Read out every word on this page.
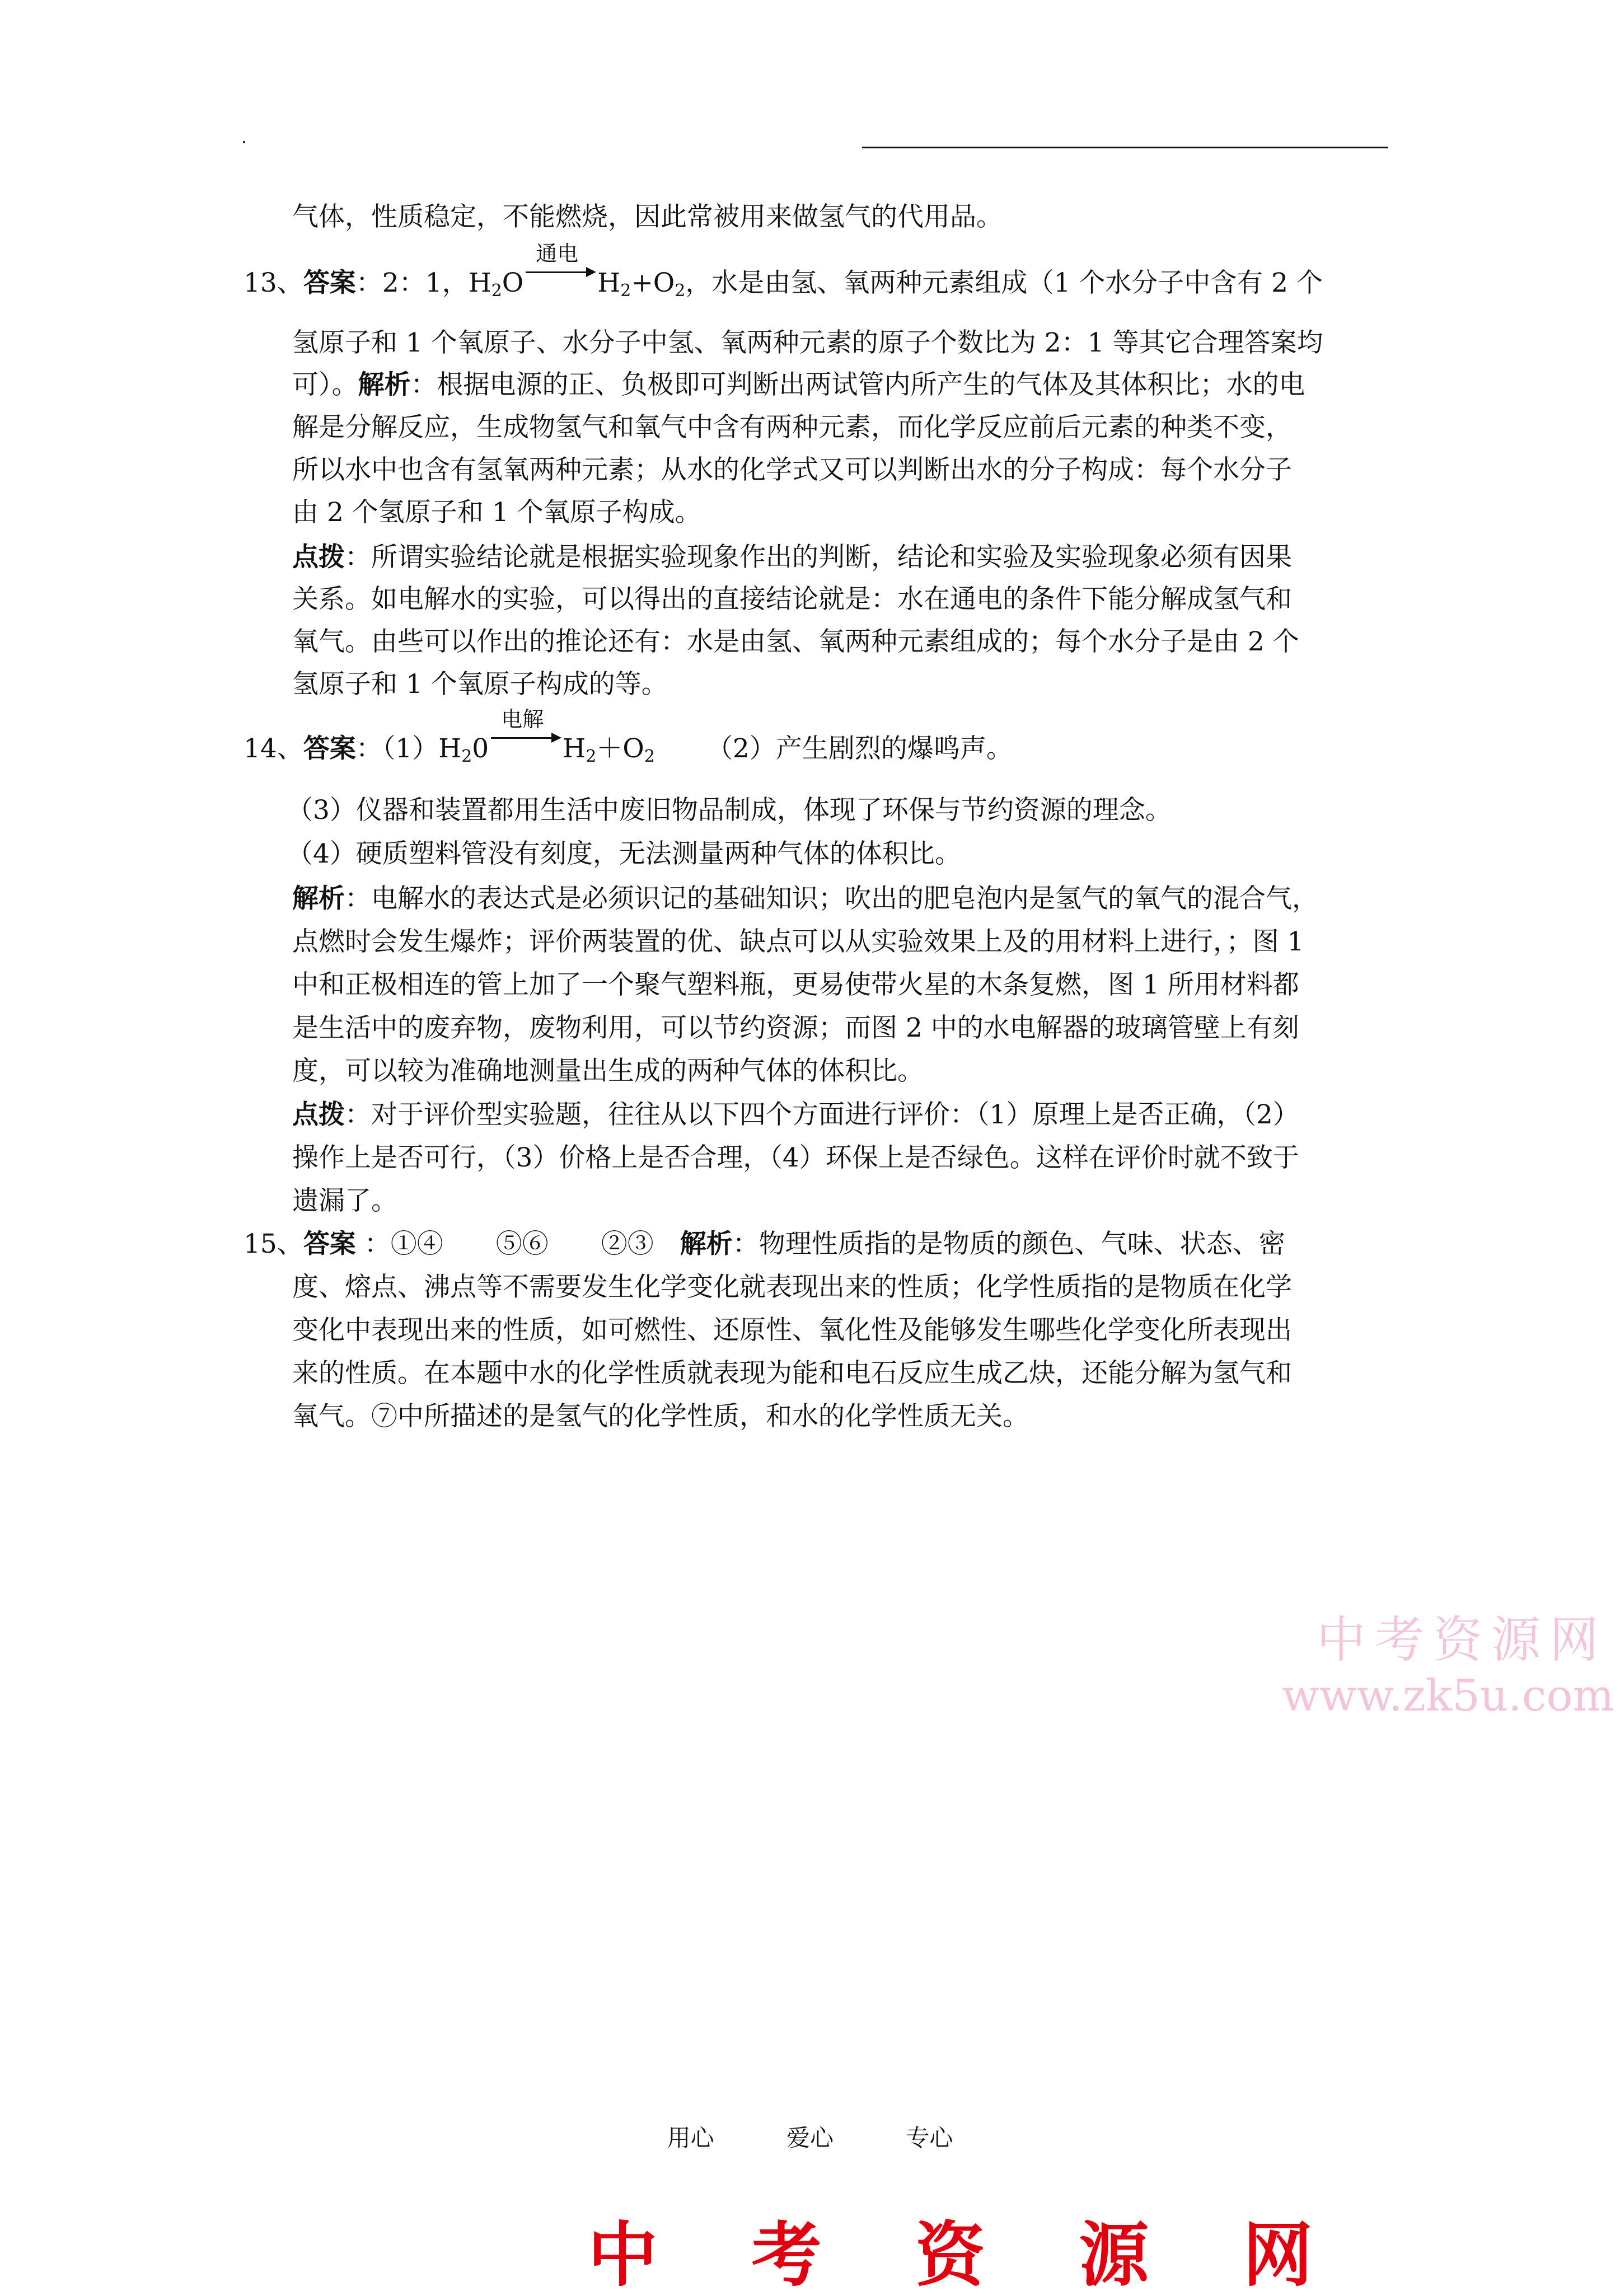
气体，性质稳定，不能燃烧，因此常被用来做氢气的代用品。
13、答案：2：1，$H_2O$
通电
$H_2+O_2$，水是由氢、氧两种元素组成（1 个水分子中含有 2 个
氢原子和 1 个氧原子、水分子中氢、氧两种元素的原子个数比为 2：1 等其它合理答案均
可）。解析：根据电源的正、负极即可判断出两试管内所产生的气体及其体积比；水的电
解是分解反应，生成物氢气和氧气中含有两种元素，而化学反应前后元素的种类不变，
所以水中也含有氢氧两种元素；从水的化学式又可以判断出水的分子构成：每个水分子
由 2 个氢原子和 1 个氧原子构成。
点拨：所谓实验结论就是根据实验现象作出的判断，结论和实验及实验现象必须有因果
关系。如电解水的实验，可以得出的直接结论就是：水在通电的条件下能分解成氢气和
氧气。由些可以作出的推论还有：水是由氢、氧两种元素组成的；每个水分子是由 2 个
氢原子和 1 个氧原子构成的等。
14、答案：$(1)H_20$
电解
$H_2+O_2$ （2）产生剧烈的爆鸣声。
（3）仪器和装置都用生活中废旧物品制成，体现了环保与节约资源的理念。
（4）硬质塑料管没有刻度，无法测量两种气体的体积比。
解析：电解水的表达式是必须识记的基础知识；吹出的肥皂泡内是氢气的氧气的混合气，
点燃时会发生爆炸；评价两装置的优、缺点可以从实验效果上及的用材料上进行，；图 1
中和正极相连的管上加了一个聚气塑料瓶，更易使带火星的木条复燃，图 1 所用材料都
是生活中的废弃物，废物利用，可以节约资源；而图 2 中的水电解器的玻璃管壁上有刻
度，可以较为准确地测量出生成的两种气体的体积比。
点拨：对于评价型实验题，往往从以下四个方面进行评价：（1）原理上是否正确，（2）
操作上是否可行，（3）价格上是否合理，（4）环保上是否绿色。这样在评价时就不致于
遗漏了。
15、答案 ：①④　　⑤⑥　　②③　解析：物理性质指的是物质的颜色、气味、状态、密
度、熔点、沸点等不需要发生化学变化就表现出来的性质；化学性质指的是物质在化学
变化中表现出来的性质，如可燃性、还原性、氧化性及能够发生哪些化学变化所表现出
来的性质。在本题中水的化学性质就表现为能和电石反应生成乙炔，还能分解为氢气和
氧气。⑦中所描述的是氢气的化学性质，和水的化学性质无关。
中考资源网
www.zk5u.com
用心	爱心	专心
中 考 资 源 网
